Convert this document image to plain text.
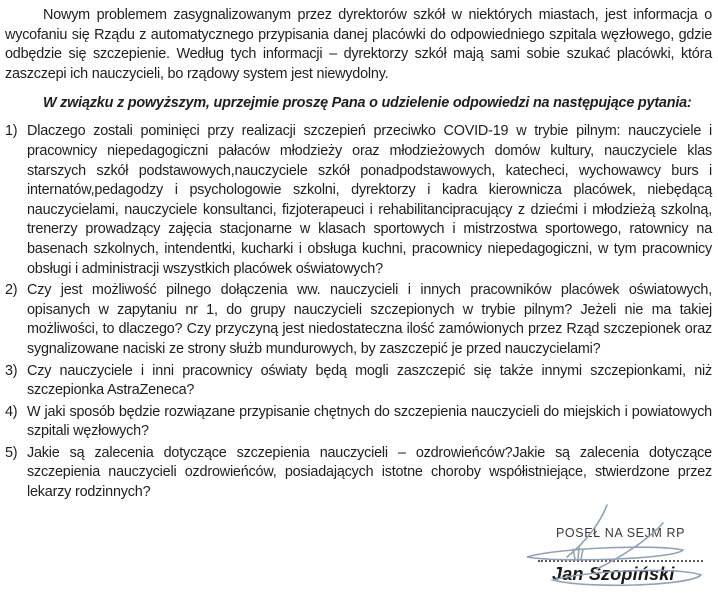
Nowym problemem zasygnalizowanym przez dyrektorów szkół w niektórych miastach, jest informacja o wycofaniu się Rządu z automatycznego przypisania danej placówki do odpowiedniego szpitala węzłowego, gdzie odbędzie się szczepienie. Według tych informacji – dyrektorzy szkół mają sami sobie szukać placówki, która zaszczepi ich nauczycieli, bo rządowy system jest niewydolny.

W związku z powyższym, uprzejmie proszę Pana o udzielenie odpowiedzi na następujące pytania:

1) Dlaczego zostali pominięci przy realizacji szczepień przeciwko COVID-19 w trybie pilnym: nauczyciele i pracownicy niepedagogiczni pałaców młodzieży oraz młodzieżowych domów kultury, nauczyciele klas starszych szkół podstawowych,nauczyciele szkół ponadpodstawowych, katecheci, wychowawcy burs i internatów,pedagodzy i psychologowie szkolni, dyrektorzy i kadra kierownicza placówek, niebędącą nauczycielami, nauczyciele konsultanci, fizjoterapeuci i rehabilitancipracujący z dziećmi i młodzieżą szkolną, trenerzy prowadzący zajęcia stacjonarne w klasach sportowych i mistrzostwa sportowego, ratownicy na basenach szkolnych, intendentki, kucharki i obsługa kuchni, pracownicy niepedagogiczni, w tym pracownicy obsługi i administracji wszystkich placówek oświatowych?
2) Czy jest możliwość pilnego dołączenia ww. nauczycieli i innych pracowników placówek oświatowych, opisanych w zapytaniu nr 1, do grupy nauczycieli szczepionych w trybie pilnym? Jeżeli nie ma takiej możliwości, to dlaczego? Czy przyczyną jest niedostateczna ilość zamówionych przez Rząd szczepionek oraz sygnalizowane naciski ze strony służb mundurowych, by zaszczepić je przed nauczycielami?
3) Czy nauczyciele i inni pracownicy oświaty będą mogli zaszczepić się także innymi szczepionkami, niż szczepionka AstraZeneca?
4) W jaki sposób będzie rozwiązane przypisanie chętnych do szczepienia nauczycieli do miejskich i powiatowych szpitali węzłowych?
5) Jakie są zalecenia dotyczące szczepienia nauczycieli – ozdrowieńców?Jakie są zalecenia dotyczące szczepienia nauczycieli ozdrowieńców, posiadających istotne choroby współistniejące, stwierdzone przez lekarzy rodzinnych?
POSEŁ NA SEJM RP
Jan Szopiński
